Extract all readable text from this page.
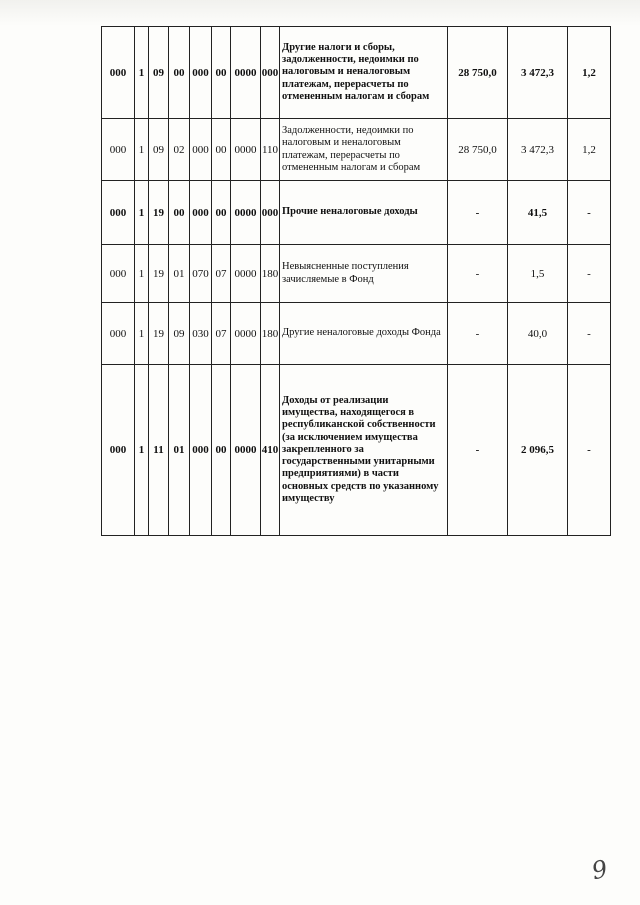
000	1	09	00	000	00	0000	000	Другие налоги и сборы, задолженности, недоимки по налоговым и неналоговым платежам, перерасчеты по отмененным налогам и сборам	28 750,0	3 472,3	1,2
000	1	09	02	000	00	0000	110	Задолженности, недоимки по налоговым и неналоговым платежам, перерасчеты по отмененным налогам и сборам	28 750,0	3 472,3	1,2
000	1	19	00	000	00	0000	000	Прочие неналоговые доходы	-	41,5	-
000	1	19	01	070	07	0000	180	Невыясненные поступления зачисляемые в Фонд	-	1,5	-
000	1	19	09	030	07	0000	180	Другие неналоговые доходы Фонда	-	40,0	-
000	1	11	01	000	00	0000	410	Доходы от реализации имущества, находящегося в республиканской собственности (за исключением имущества закрепленного за государственными унитарными предприятиями) в части основных средств по указанному имуществу	-	2 096,5	-
9
